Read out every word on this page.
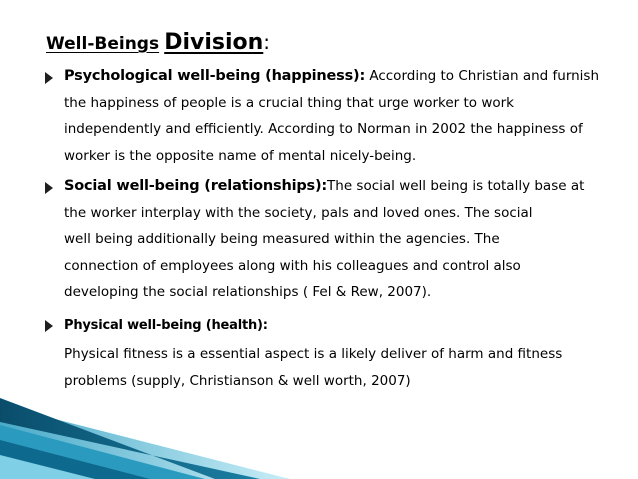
Well-Beings Division:
Psychological well-being (happiness): According to Christian and furnish
the happiness of people is a crucial thing that urge worker to work
independently and efficiently. According to Norman in 2002 the happiness of
worker is the opposite name of mental nicely-being.
Social well-being (relationships):The social well being is totally base at
the worker interplay with the society, pals and loved ones. The social
well being additionally being measured within the agencies. The
connection of employees along with his colleagues and control also
developing the social relationships ( Fel & Rew, 2007).
Physical well-being (health):
Physical fitness is a essential aspect is a likely deliver of harm and fitness
problems (supply, Christianson & well worth, 2007)
